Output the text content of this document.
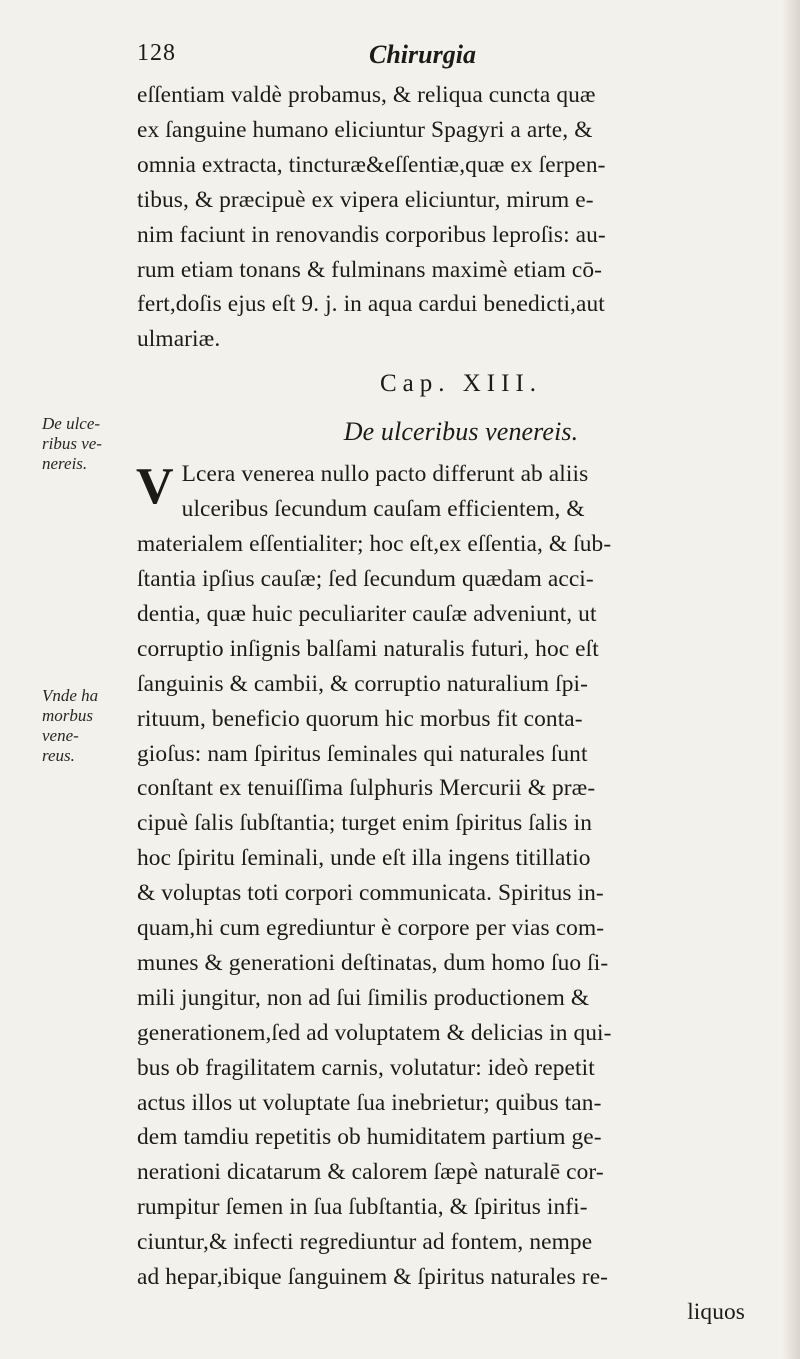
128	Chirurgia
De ulce-
ribus ve-
nereis.
Vnde ha
morbus
vene-
reus.
eſſentiam valdè probamus, & reliqua cuncta quæ
ex ſanguine humano eliciuntur Spagyri a arte, &
omnia extracta, tincturæ&eſſentiæ,quæ ex ſerpen-
tibus, & præcipuè ex vipera eliciuntur, mirum e-
nim faciunt in renovandis corporibus leproſis: au-
rum etiam tonans & fulminans maximè etiam cō-
fert,doſis ejus eſt 9. j. in aqua cardui benedicti,aut
ulmariæ.
Cap. XIII.
De ulceribus venereis.
V Lcera venerea nullo pacto differunt ab aliis
ulceribus ſecundum cauſam efficientem, &
materialem eſſentialiter; hoc eſt,ex eſſentia, & ſub-
ſtantia ipſius cauſæ; ſed ſecundum quædam acci-
dentia, quæ huic peculiariter cauſæ adveniunt, ut
corruptio inſignis balſami naturalis futuri, hoc eſt
ſanguinis & cambii, & corruptio naturalium ſpi-
rituum, beneficio quorum hic morbus fit conta-
gioſus: nam ſpiritus ſeminales qui naturales ſunt
conſtant ex tenuiſſima ſulphuris Mercurii & præ-
cipuè ſalis ſubſtantia; turget enim ſpiritus ſalis in
hoc ſpiritu ſeminali, unde eſt illa ingens titillatio
& voluptas toti corpori communicata. Spiritus in-
quam,hi cum egrediuntur è corpore per vias com-
munes & generationi deſtinatas, dum homo ſuo ſi-
mili jungitur, non ad ſui ſimilis productionem &
generationem,ſed ad voluptatem & delicias in qui-
bus ob fragilitatem carnis, volutatur: ideò repetit
actus illos ut voluptate ſua inebrietur; quibus tan-
dem tamdiu repetitis ob humiditatem partium ge-
nerationi dicatarum & calorem ſæpè naturalē cor-
rumpitur ſemen in ſua ſubſtantia, & ſpiritus infi-
ciuntur,& infecti regrediuntur ad fontem, nempe
ad hepar,ibique ſanguinem & ſpiritus naturales re-
liquos
